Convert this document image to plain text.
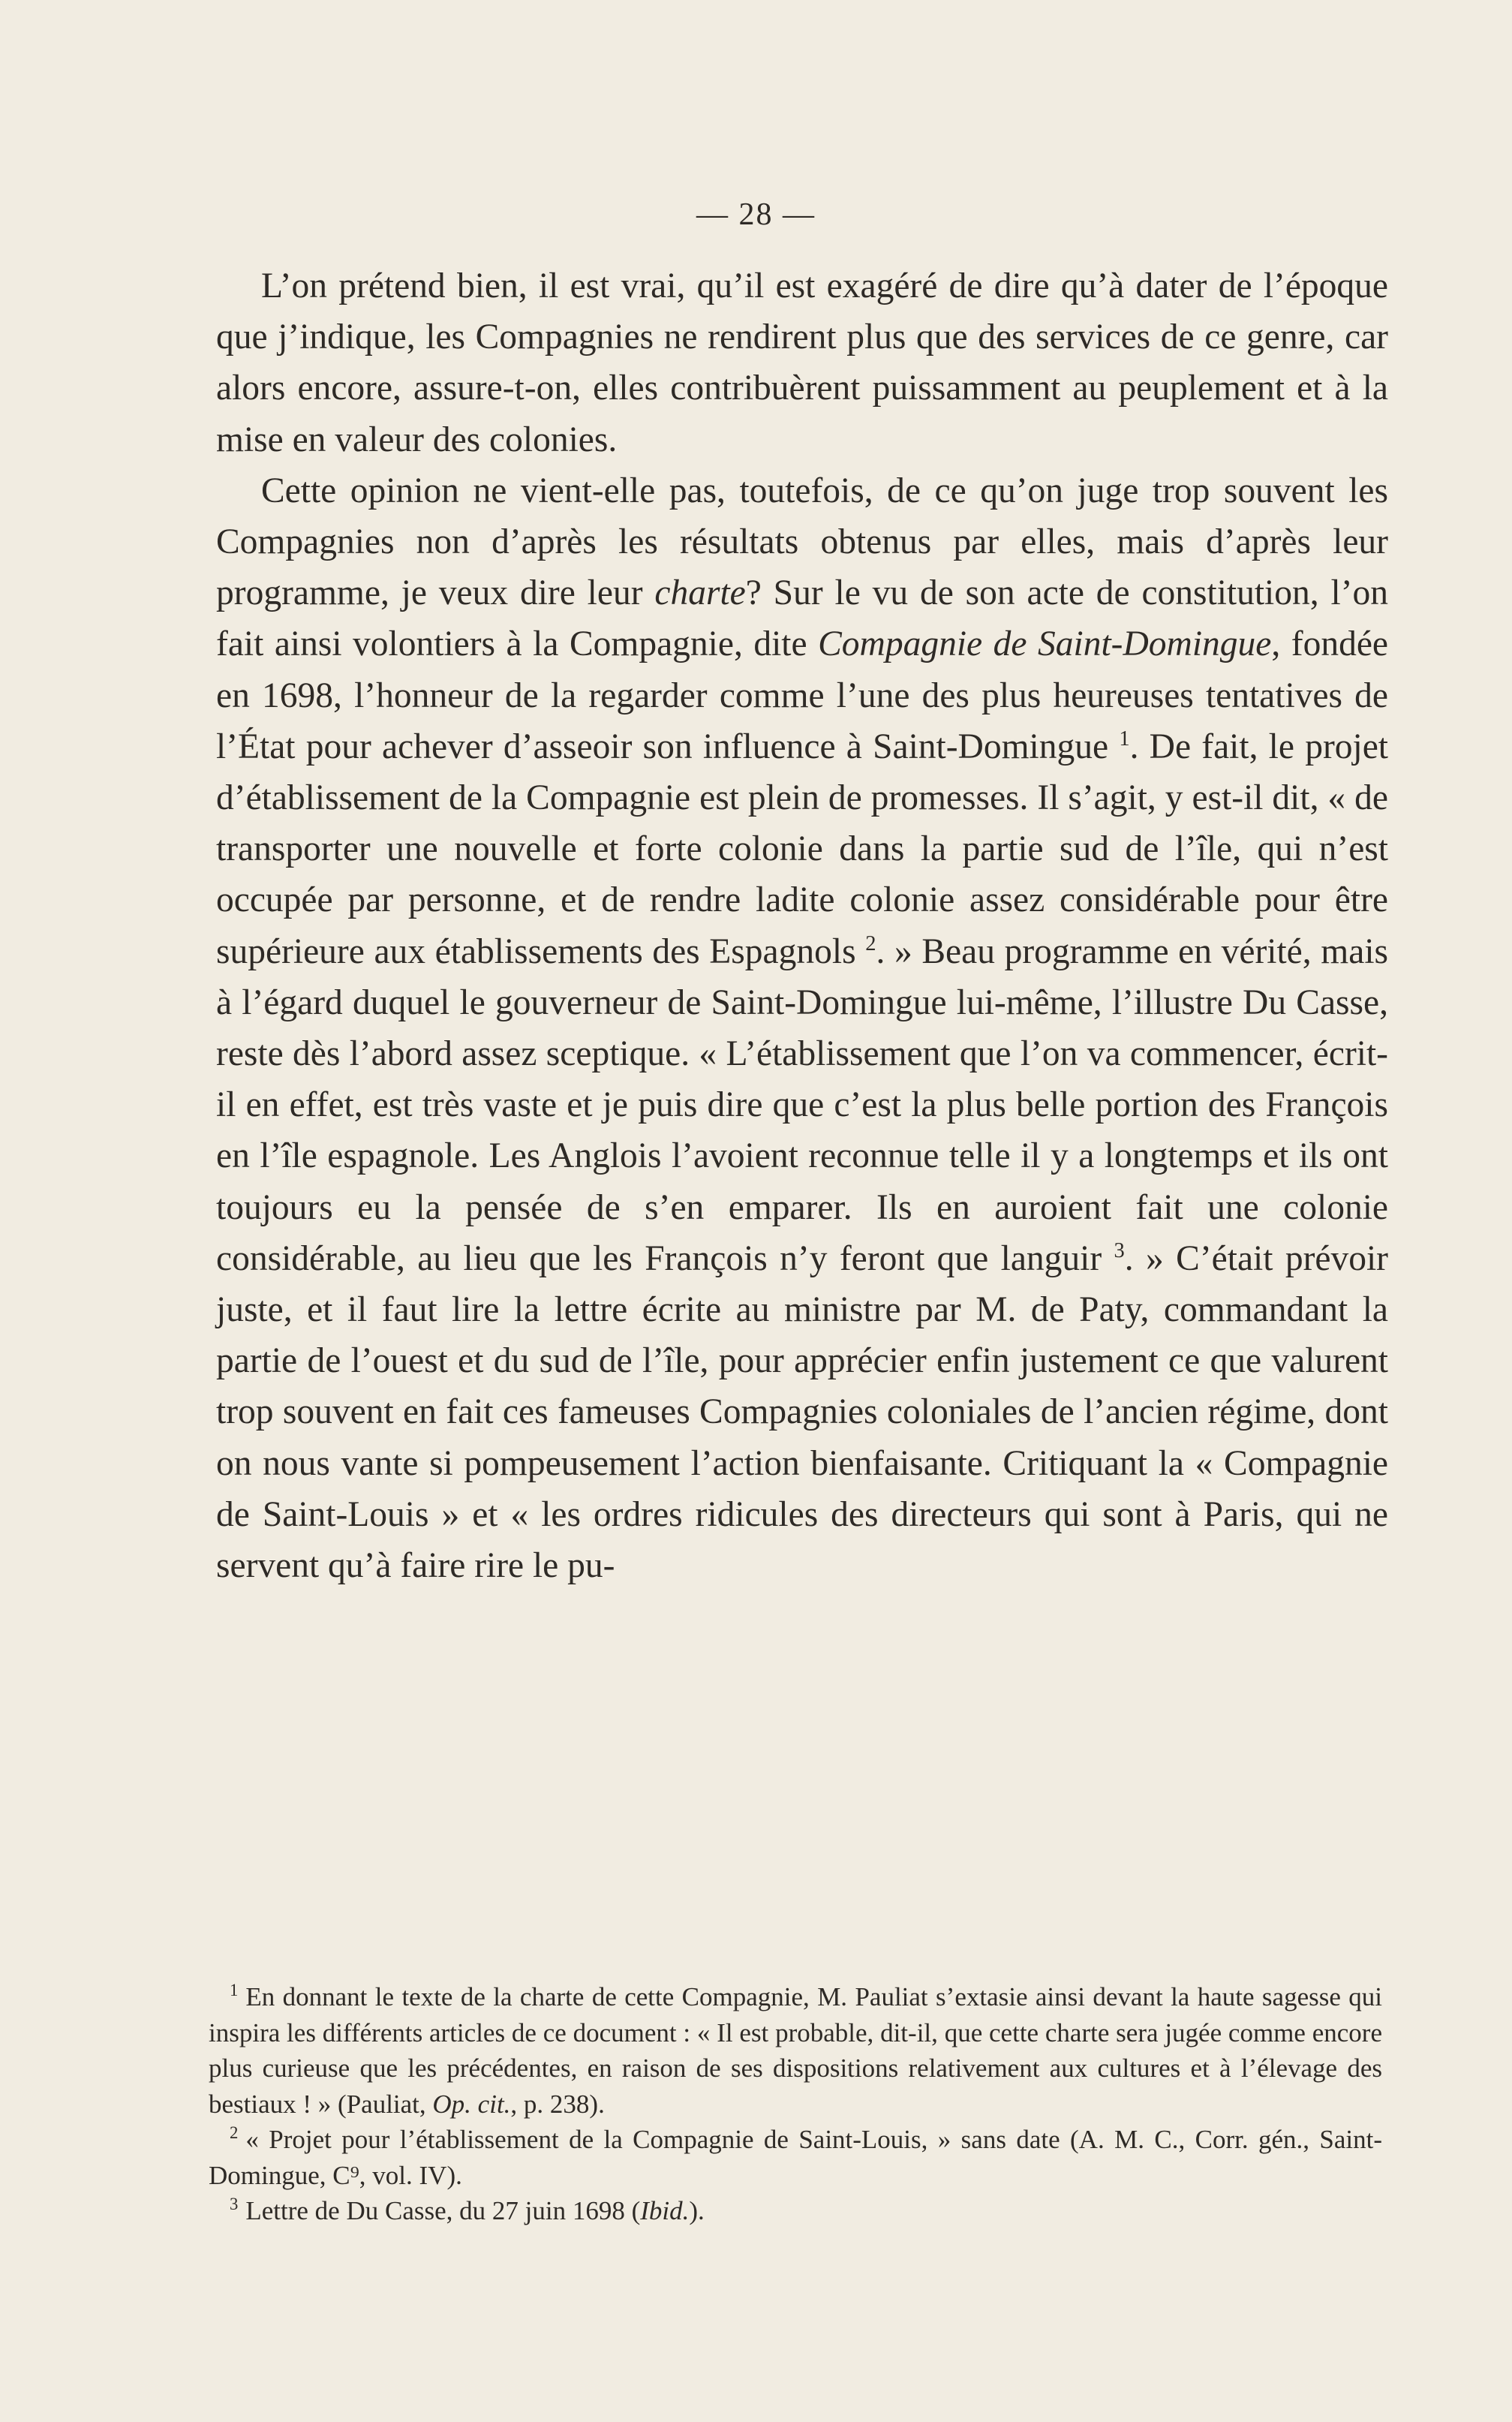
— 28 —

L’on prétend bien, il est vrai, qu’il est exagéré de dire qu’à dater de l’époque que j’indique, les Compagnies ne rendirent plus que des services de ce genre, car alors encore, assure-t-on, elles contribuèrent puissamment au peuplement et à la mise en valeur des colonies.

Cette opinion ne vient-elle pas, toutefois, de ce qu’on juge trop souvent les Compagnies non d’après les résultats obtenus par elles, mais d’après leur programme, je veux dire leur charte? Sur le vu de son acte de constitution, l’on fait ainsi volontiers à la Compagnie, dite Compagnie de Saint-Domingue, fondée en 1698, l’honneur de la regarder comme l’une des plus heureuses tentatives de l’État pour achever d’asseoir son influence à Saint-Domingue $^1$. De fait, le projet d’établissement de la Compagnie est plein de promesses. Il s’agit, y est-il dit, « de transporter une nouvelle et forte colonie dans la partie sud de l’île, qui n’est occupée par personne, et de rendre ladite colonie assez considérable pour être supérieure aux établissements des Espagnols $^2$. » Beau programme en vérité, mais à l’égard duquel le gouverneur de Saint-Domingue lui-même, l’illustre Du Casse, reste dès l’abord assez sceptique. « L’établissement que l’on va commencer, écrit-il en effet, est très vaste et je puis dire que c’est la plus belle portion des François en l’île espagnole. Les Anglois l’avoient reconnue telle il y a longtemps et ils ont toujours eu la pensée de s’en emparer. Ils en auroient fait une colonie considérable, au lieu que les François n’y feront que languir $^3$. » C’était prévoir juste, et il faut lire la lettre écrite au ministre par M. de Paty, commandant la partie de l’ouest et du sud de l’île, pour apprécier enfin justement ce que valurent trop souvent en fait ces fameuses Compagnies coloniales de l’ancien régime, dont on nous vante si pompeusement l’action bienfaisante. Critiquant la « Compagnie de Saint-Louis » et « les ordres ridicules des directeurs qui sont à Paris, qui ne servent qu’à faire rire le pu-

$^1$ En donnant le texte de la charte de cette Compagnie, M. Pauliat s’extasie ainsi devant la haute sagesse qui inspira les différents articles de ce document : « Il est probable, dit-il, que cette charte sera jugée comme encore plus curieuse que les précédentes, en raison de ses dispositions relativement aux cultures et à l’élevage des bestiaux ! » (Pauliat, Op. cit., p. 238).

$^2$ « Projet pour l’établissement de la Compagnie de Saint-Louis, » sans date (A. M. C., Corr. gén., Saint-Domingue, C⁹, vol. IV).

$^3$ Lettre de Du Casse, du 27 juin 1698 (Ibid.).
